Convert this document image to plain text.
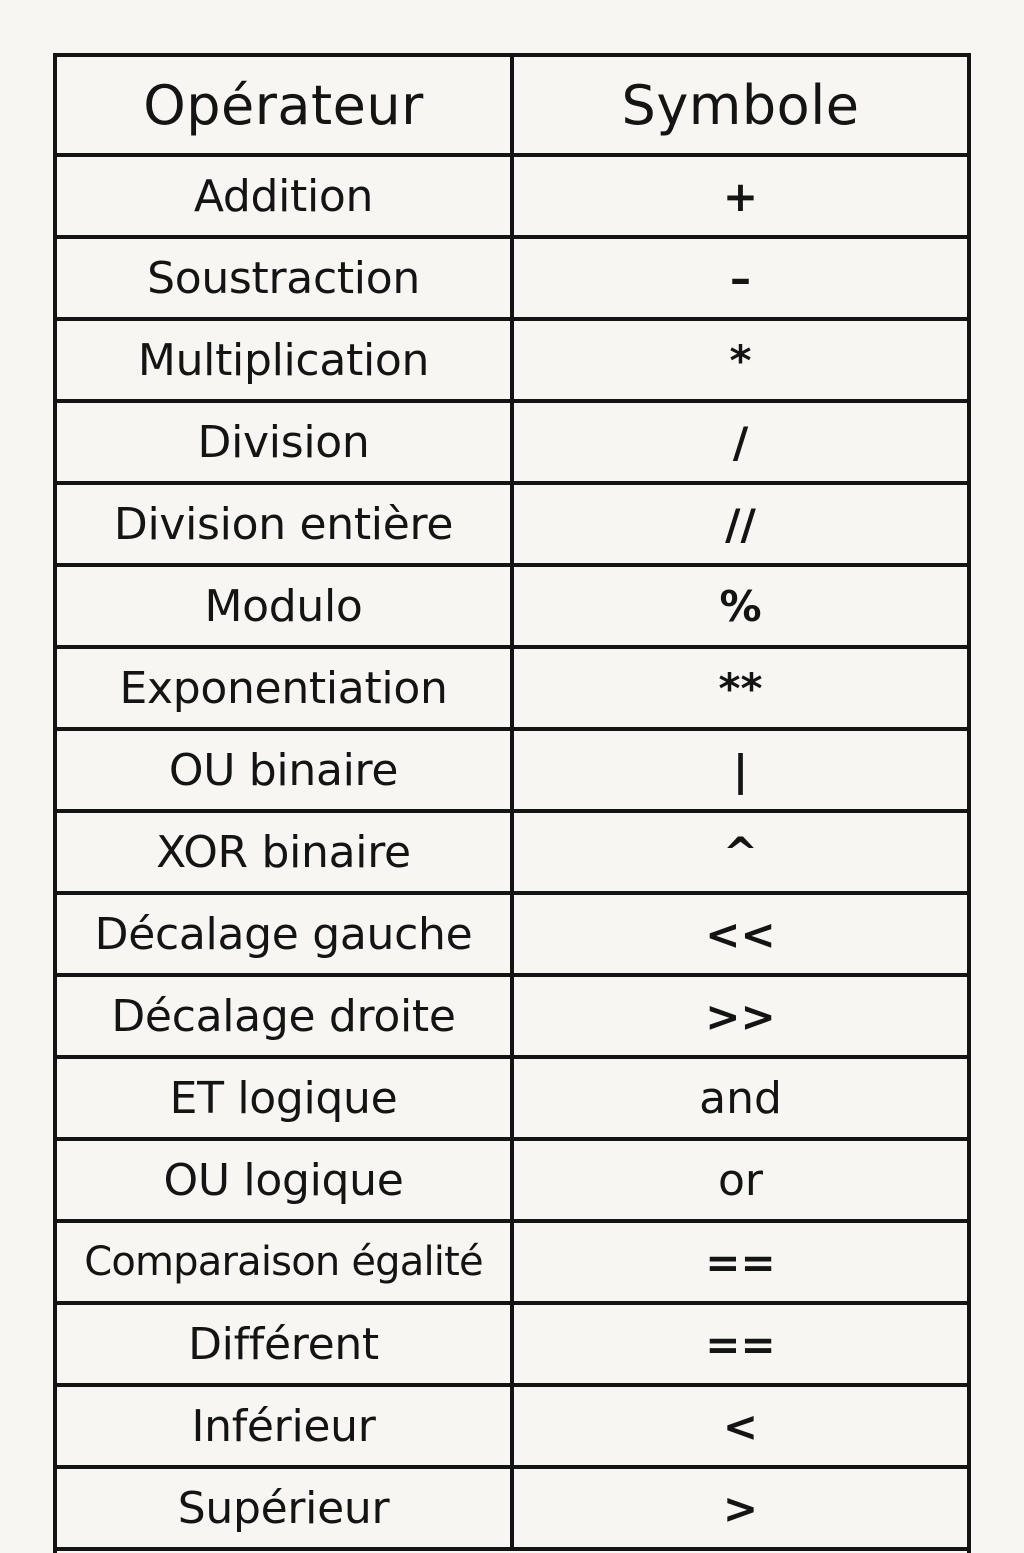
Opérateur	Symbole
Addition	+
Soustraction	–
Multiplication	*
Division	/
Division entière	//
Modulo	%
Exponentiation	**
OU binaire	|
XOR binaire	^
Décalage gauche	<<
Décalage droite	>>
ET logique	and
OU logique	or
Comparaison égalité	==
Différent	==
Inférieur	<
Supérieur	>
